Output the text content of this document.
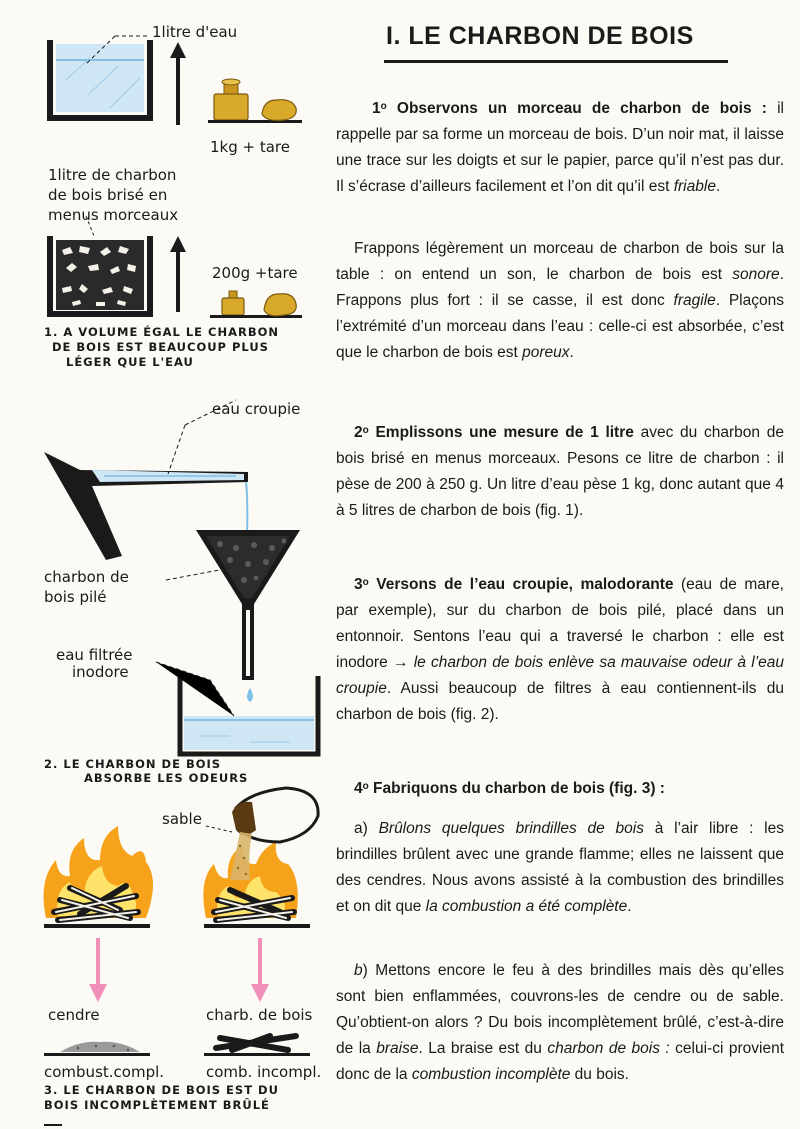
1litre d'eau
1kg + tare
1litre de charbon
de bois brisé en
menus morceaux
200g +tare
1. A VOLUME ÉGAL LE CHARBON
DE BOIS EST BEAUCOUP PLUS
LÉGER QUE L'EAU
eau croupie
charbon de
bois pilé
eau filtrée
inodore
2. LE CHARBON DE BOIS
ABSORBE LES ODEURS
sable
cendre	charb. de bois
combust.compl.	comb. incompl.
3. LE CHARBON DE BOIS EST DU
BOIS INCOMPLÈTEMENT BRÛLÉ
I. LE CHARBON DE BOIS
1$^o$ Observons un morceau de charbon de bois : il rappelle par sa forme un morceau de bois. D’un noir mat, il laisse une trace sur les doigts et sur le papier, parce qu’il n’est pas dur. Il s’écrase d’ailleurs facilement et l’on dit qu’il est friable.
Frappons légèrement un morceau de charbon de bois sur la table : on entend un son, le charbon de bois est sonore. Frappons plus fort : il se casse, il est donc fragile. Plaçons l’extrémité d’un morceau dans l’eau : celle-ci est absorbée, c’est que le charbon de bois est poreux.
2$^o$ Emplissons une mesure de 1 litre avec du charbon de bois brisé en menus morceaux. Pesons ce litre de charbon : il pèse de 200 à 250 g. Un litre d’eau pèse 1 kg, donc autant que 4 à 5 litres de charbon de bois (fig. 1).
3$^o$ Versons de l’eau croupie, malodorante (eau de mare, par exemple), sur du charbon de bois pilé, placé dans un entonnoir. Sentons l’eau qui a traversé le charbon : elle est inodore → le charbon de bois enlève sa mauvaise odeur à l’eau croupie. Aussi beaucoup de filtres à eau contiennent-ils du charbon de bois (fig. 2).
4$^o$ Fabriquons du charbon de bois (fig. 3) :
a) Brûlons quelques brindilles de bois à l’air libre : les brindilles brûlent avec une grande flamme; elles ne laissent que des cendres. Nous avons assisté à la combustion des brindilles et on dit que la combustion a été complète.
b) Mettons encore le feu à des brindilles mais dès qu’elles sont bien enflammées, couvrons-les de cendre ou de sable. Qu’obtient-on alors ? Du bois incomplètement brûlé, c’est-à-dire de la braise. La braise est du charbon de bois : celui-ci provient donc de la combustion incomplète du bois.
